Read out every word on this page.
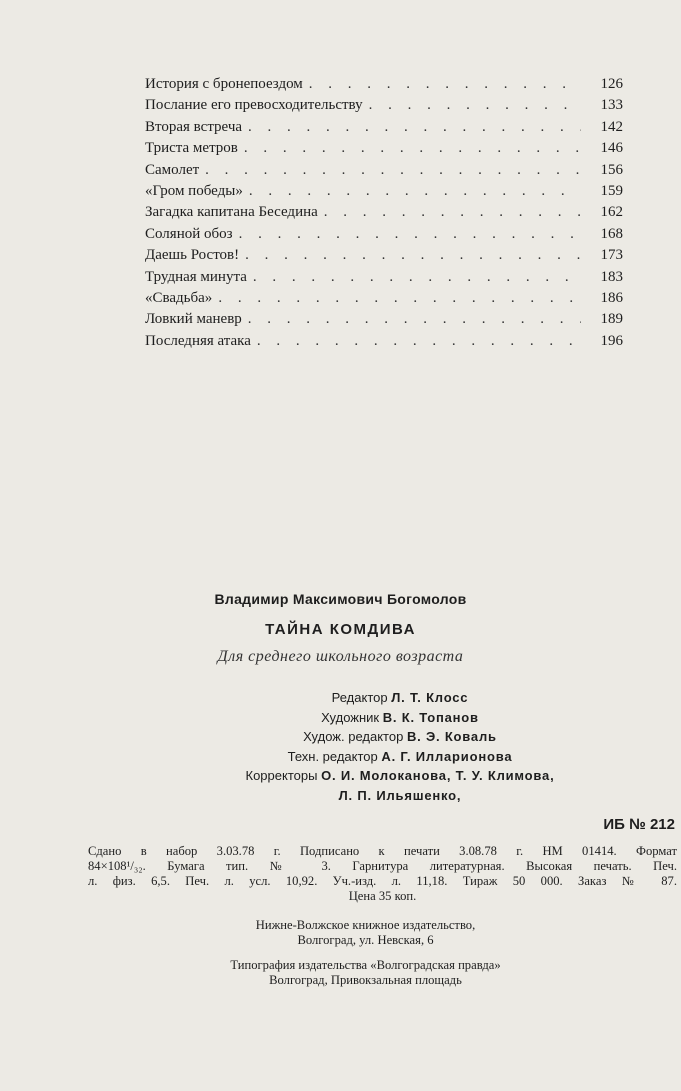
История с бронепоездом . . .	126
Послание его превосходительству . . .	133
Вторая встреча . . .	142
Триста метров . . .	146
Самолет . . .	156
«Гром победы» . . .	159
Загадка капитана Беседина . . .	162
Соляной обоз . . .	168
Даешь Ростов! . . .	173
Трудная минута . . .	183
«Свадьба» . . .	186
Ловкий маневр . . .	189
Последняя атака . . .	196
Владимир Максимович Богомолов
ТАЙНА КОМДИВА
Для среднего школьного возраста
Редактор Л. Т. Клосс
Художник В. К. Топанов
Худож. редактор В. Э. Коваль
Техн. редактор А. Г. Илларионова
Корректоры О. И. Молоканова, Т. У. Климова,
Л. П. Ильяшенко,
ИБ № 212
Сдано в набор 3.03.78 г. Подписано к печати 3.08.78 г. НМ 01414. Формат
84×108¹/₃₂. Бумага тип. № 3. Гарнитура литературная. Высокая печать. Печ.
л. физ. 6,5. Печ. л. усл. 10,92. Уч.-изд. л. 11,18. Тираж 50 000. Заказ № 87.
Цена 35 коп.
Нижне-Волжское книжное издательство,
Волгоград, ул. Невская, 6
Типография издательства «Волгоградская правда»
Волгоград, Привокзальная площадь
